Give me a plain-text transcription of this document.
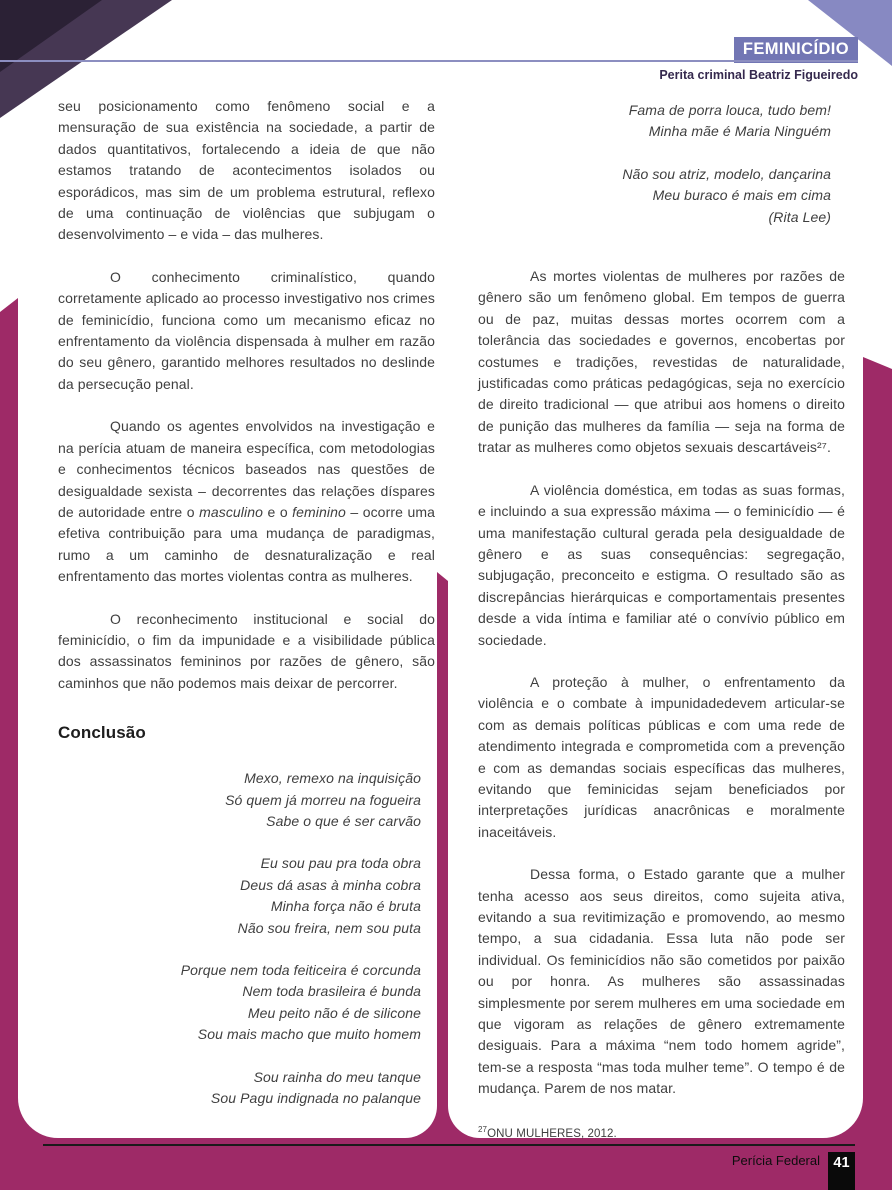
FEMINICÍDIO
Perita criminal Beatriz Figueiredo

seu posicionamento como fenômeno social e a mensuração de sua existência na sociedade, a partir de dados quantitativos, fortalecendo a ideia de que não estamos tratando de acontecimentos isolados ou esporádicos, mas sim de um problema estrutural, reflexo de uma continuação de violências que subjugam o desenvolvimento – e vida – das mulheres.

O conhecimento criminalístico, quando corretamente aplicado ao processo investigativo nos crimes de feminicídio, funciona como um mecanismo eficaz no enfrentamento da violência dispensada à mulher em razão do seu gênero, garantido melhores resultados no deslinde da persecução penal.

Quando os agentes envolvidos na investigação e na perícia atuam de maneira específica, com metodologias e conhecimentos técnicos baseados nas questões de desigualdade sexista – decorrentes das relações díspares de autoridade entre o masculino e o feminino – ocorre uma efetiva contribuição para uma mudança de paradigmas, rumo a um caminho de desnaturalização e real enfrentamento das mortes violentas contra as mulheres.

O reconhecimento institucional e social do feminicídio, o fim da impunidade e a visibilidade pública dos assassinatos femininos por razões de gênero, são caminhos que não podemos mais deixar de percorrer.

Conclusão
Mexo, remexo na inquisição
Só quem já morreu na fogueira
Sabe o que é ser carvão
Eu sou pau pra toda obra
Deus dá asas à minha cobra
Minha força não é bruta
Não sou freira, nem sou puta
Porque nem toda feiticeira é corcunda
Nem toda brasileira é bunda
Meu peito não é de silicone
Sou mais macho que muito homem
Sou rainha do meu tanque
Sou Pagu indignada no palanque
Fama de porra louca, tudo bem!
Minha mãe é Maria Ninguém
Não sou atriz, modelo, dançarina
Meu buraco é mais em cima
(Rita Lee)

As mortes violentas de mulheres por razões de gênero são um fenômeno global. Em tempos de guerra ou de paz, muitas dessas mortes ocorrem com a tolerância das sociedades e governos, encobertas por costumes e tradições, revestidas de naturalidade, justificadas como práticas pedagógicas, seja no exercício de direito tradicional — que atribui aos homens o direito de punição das mulheres da família — seja na forma de tratar as mulheres como objetos sexuais descartáveis²⁷.

A violência doméstica, em todas as suas formas, e incluindo a sua expressão máxima — o feminicídio — é uma manifestação cultural gerada pela desigualdade de gênero e as suas consequências: segregação, subjugação, preconceito e estigma. O resultado são as discrepâncias hierárquicas e comportamentais presentes desde a vida íntima e familiar até o convívio público em sociedade.

A proteção à mulher, o enfrentamento da violência e o combate à impunidadedevem articular-se com as demais políticas públicas e com uma rede de atendimento integrada e comprometida com a prevenção e com as demandas sociais específicas das mulheres, evitando que feminicidas sejam beneficiados por interpretações jurídicas anacrônicas e moralmente inaceitáveis.

Dessa forma, o Estado garante que a mulher tenha acesso aos seus direitos, como sujeita ativa, evitando a sua revitimização e promovendo, ao mesmo tempo, a sua cidadania. Essa luta não pode ser individual. Os feminicídios não são cometidos por paixão ou por honra. As mulheres são assassinadas simplesmente por serem mulheres em uma sociedade em que vigoram as relações de gênero extremamente desiguais. Para a máxima “nem todo homem agride”, tem-se a resposta “mas toda mulher teme”. O tempo é de mudança. Parem de nos matar.

$^{27}$ONU MULHERES, 2012.
Perícia Federal 41
